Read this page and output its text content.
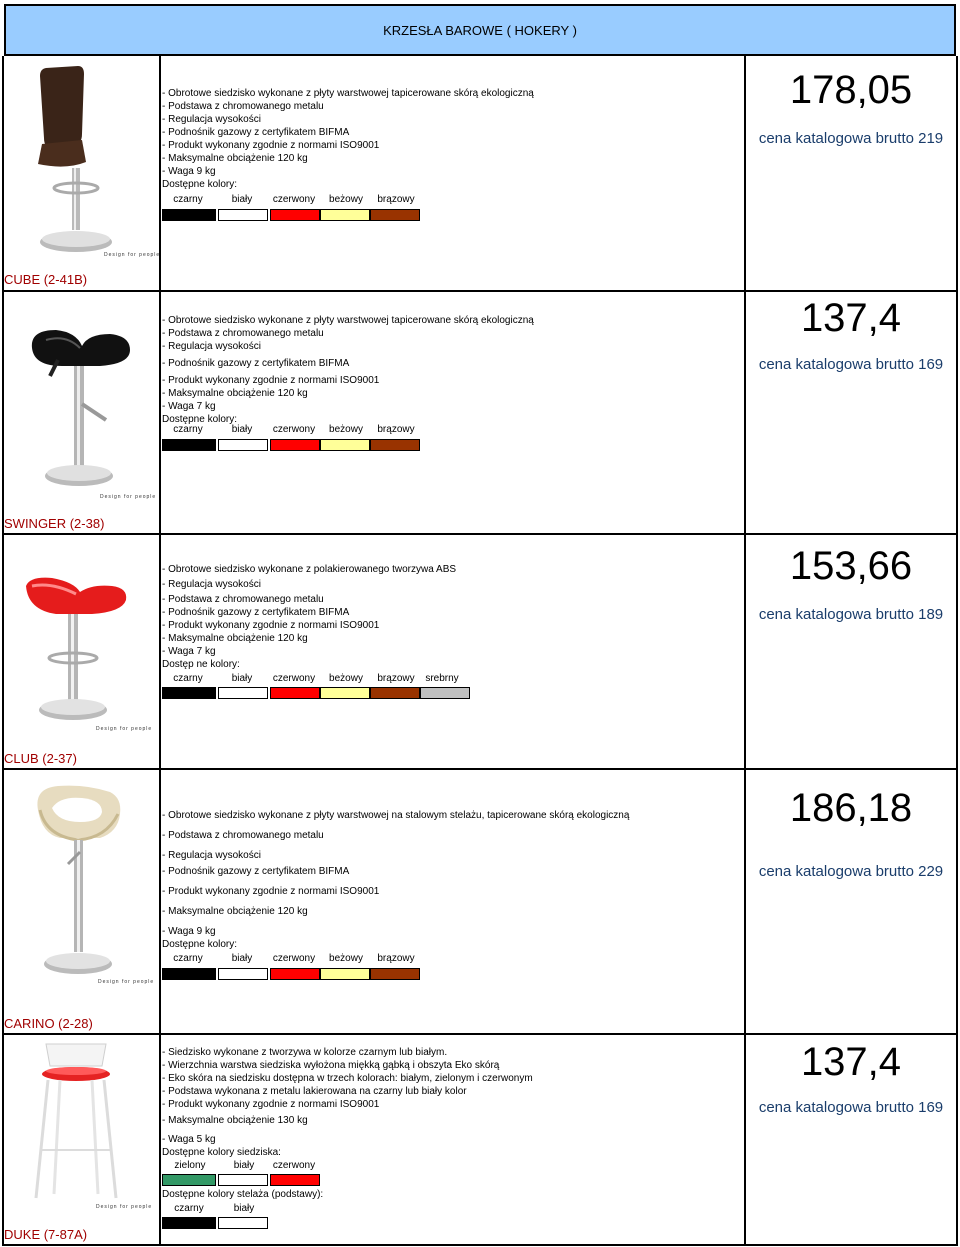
KRZESŁA BAROWE ( HOKERY )
Design for people
CUBE (2-41B)
- Obrotowe siedzisko wykonane z płyty warstwowej tapicerowane skórą ekologiczną
- Podstawa z chromowanego metalu
- Regulacja wysokości
- Podnośnik gazowy z certyfikatem BIFMA
- Produkt wykonany zgodnie z normami ISO9001
- Maksymalne obciążenie 120 kg
- Waga 9 kg
Dostępne kolory:
czarny	biały	czerwony	beżowy	brązowy
178,05
cena katalogowa brutto 219
Design for people
SWINGER (2-38)
- Obrotowe siedzisko wykonane z płyty warstwowej tapicerowane skórą ekologiczną
- Podstawa z chromowanego metalu
- Regulacja wysokości
- Podnośnik gazowy z certyfikatem BIFMA
- Produkt wykonany zgodnie z normami ISO9001
- Maksymalne obciążenie 120 kg
- Waga 7 kg
Dostępne kolory:
czarny	biały	czerwony	beżowy	brązowy
137,4
cena katalogowa brutto 169
Design for people
CLUB (2-37)
- Obrotowe siedzisko wykonane z polakierowanego tworzywa ABS
- Regulacja wysokości
- Podstawa z chromowanego metalu
- Podnośnik gazowy z certyfikatem BIFMA
- Produkt wykonany zgodnie z normami ISO9001
- Maksymalne obciążenie 120 kg
- Waga 7 kg
Dostęp ne kolory:
czarny	biały	czerwony	beżowy	brązowy	srebrny
153,66
cena katalogowa brutto 189
Design for people
CARINO (2-28)
- Obrotowe siedzisko wykonane z płyty warstwowej na stalowym stelażu, tapicerowane skórą ekologiczną
- Podstawa z chromowanego metalu
- Regulacja wysokości
- Podnośnik gazowy z certyfikatem BIFMA
- Produkt wykonany zgodnie z normami ISO9001
- Maksymalne obciążenie 120 kg
- Waga 9 kg
Dostępne kolory:
czarny	biały	czerwony	beżowy	brązowy
186,18
cena katalogowa brutto 229
Design for people
DUKE (7-87A)
- Siedzisko wykonane z tworzywa w kolorze czarnym lub białym.
- Wierzchnia warstwa siedziska wyłożona miękką gąbką i obszyta Eko skórą
- Eko skóra na siedzisku dostępna w trzech kolorach: białym, zielonym i czerwonym
- Podstawa wykonana z metalu lakierowana na czarny lub biały kolor
- Produkt wykonany zgodnie z normami ISO9001
- Maksymalne obciążenie 130 kg
- Waga 5 kg
Dostępne kolory siedziska:
zielony	biały	czerwony
Dostępne kolory stelaża (podstawy):
czarny	biały
137,4
cena katalogowa brutto 169
